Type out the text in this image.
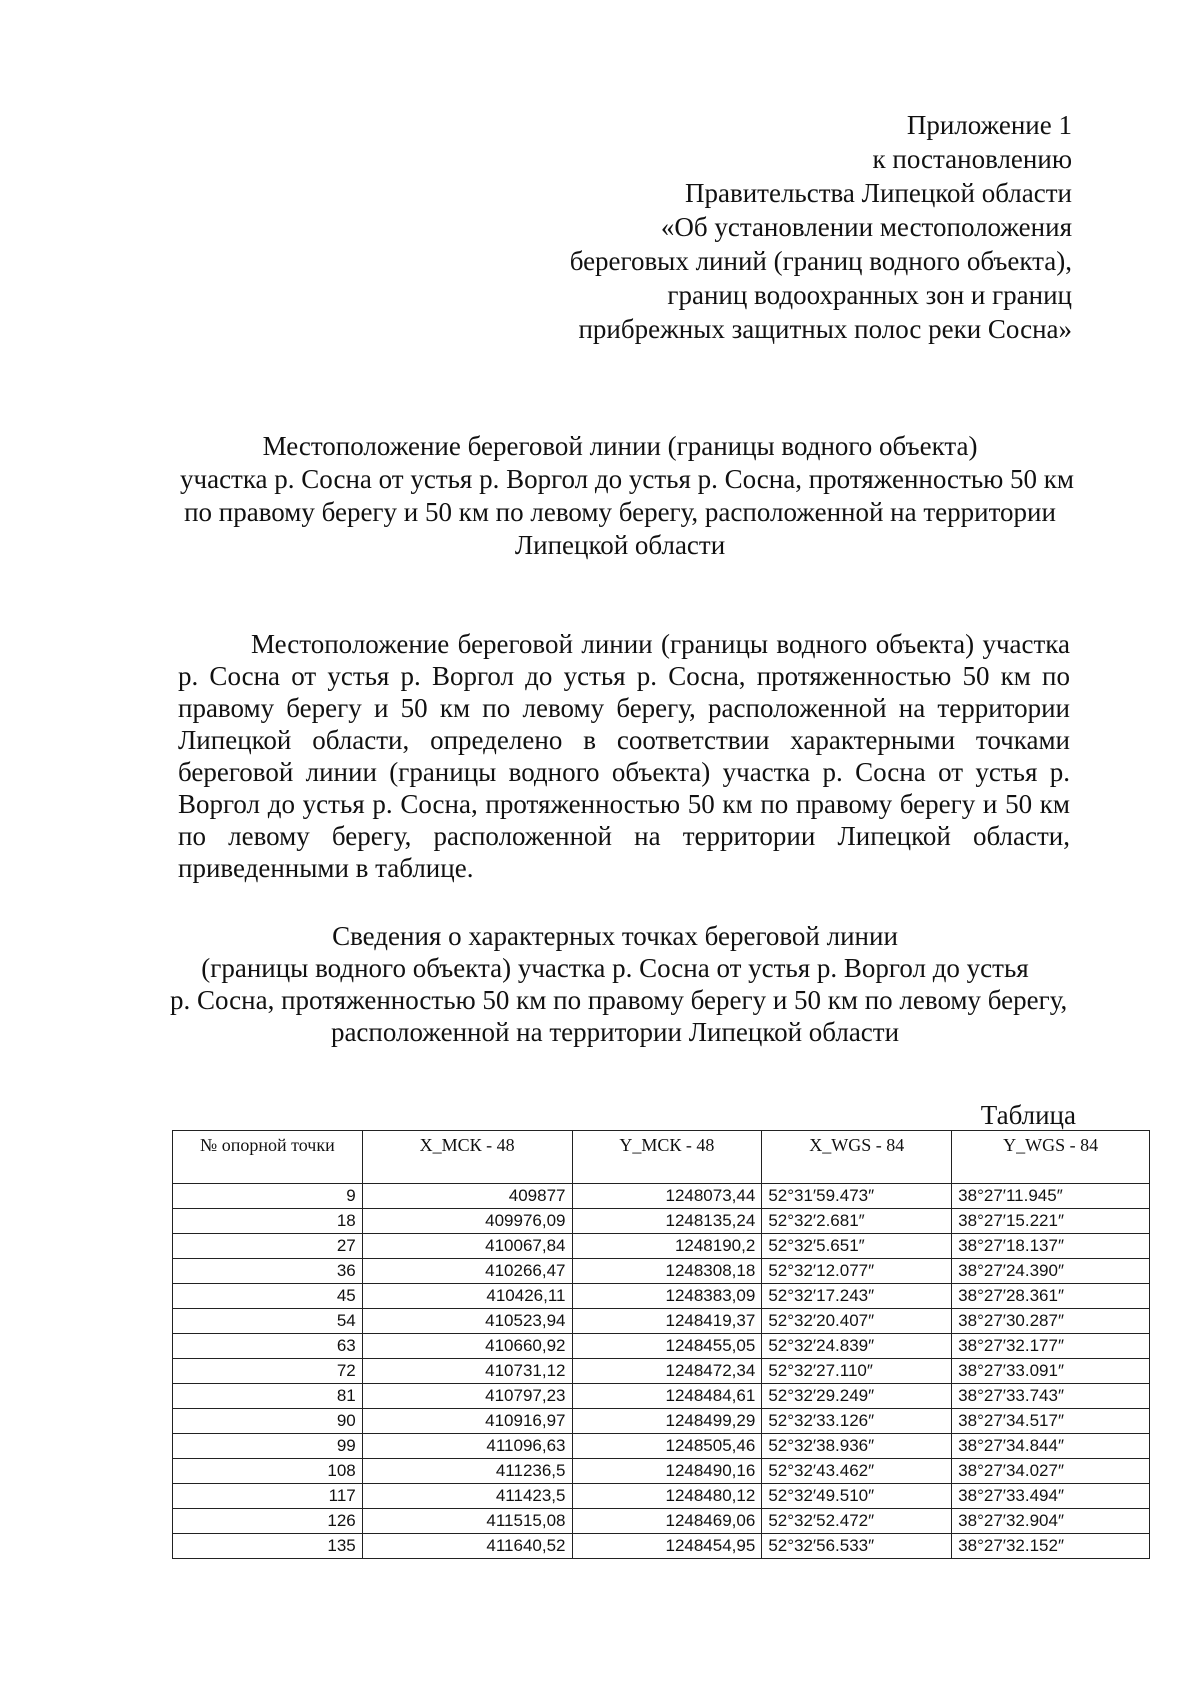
Приложение 1
к постановлению
Правительства Липецкой области
«Об установлении местоположения
береговых линий (границ водного объекта),
границ водоохранных зон и границ
прибрежных защитных полос реки Сосна»
Местоположение береговой линии (границы водного объекта)
участка р. Сосна от устья р. Воргол до устья р. Сосна, протяженностью 50 км
по правому берегу и 50 км по левому берегу, расположенной на территории
Липецкой области
Местоположение береговой линии (границы водного объекта) участка р. Сосна от устья р. Воргол до устья р. Сосна, протяженностью 50 км по правому берегу и 50 км по левому берегу, расположенной на территории Липецкой области, определено в соответствии характерными точками береговой линии (границы водного объекта) участка р. Сосна от устья р. Воргол до устья р. Сосна, протяженностью 50 км по правому берегу и 50 км по левому берегу, расположенной на территории Липецкой области, приведенными в таблице.
Сведения о характерных точках береговой линии
(границы водного объекта) участка р. Сосна от устья р. Воргол до устья
р. Сосна, протяженностью 50 км по правому берегу и 50 км по левому берегу,
расположенной на территории Липецкой области
Таблица
№ опорной точки	X_МСК - 48	Y_МСК - 48	X_WGS - 84	Y_WGS - 84
9	409877	1248073,44	52°31′59.473″	38°27′11.945″
18	409976,09	1248135,24	52°32′2.681″	38°27′15.221″
27	410067,84	1248190,2	52°32′5.651″	38°27′18.137″
36	410266,47	1248308,18	52°32′12.077″	38°27′24.390″
45	410426,11	1248383,09	52°32′17.243″	38°27′28.361″
54	410523,94	1248419,37	52°32′20.407″	38°27′30.287″
63	410660,92	1248455,05	52°32′24.839″	38°27′32.177″
72	410731,12	1248472,34	52°32′27.110″	38°27′33.091″
81	410797,23	1248484,61	52°32′29.249″	38°27′33.743″
90	410916,97	1248499,29	52°32′33.126″	38°27′34.517″
99	411096,63	1248505,46	52°32′38.936″	38°27′34.844″
108	411236,5	1248490,16	52°32′43.462″	38°27′34.027″
117	411423,5	1248480,12	52°32′49.510″	38°27′33.494″
126	411515,08	1248469,06	52°32′52.472″	38°27′32.904″
135	411640,52	1248454,95	52°32′56.533″	38°27′32.152″
